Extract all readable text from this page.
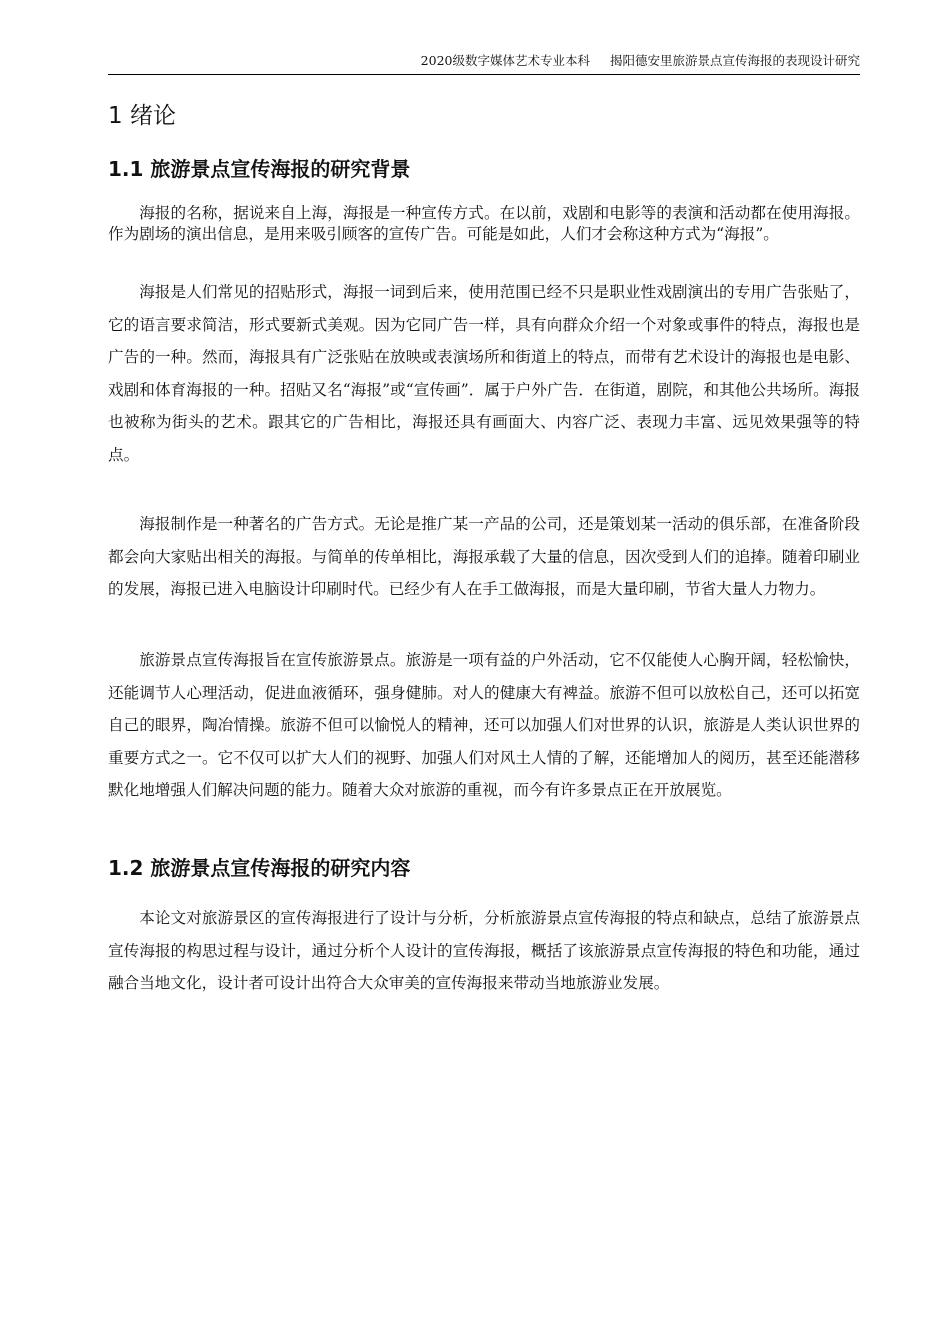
2020级数字媒体艺术专业本科 揭阳德安里旅游景点宣传海报的表现设计研究
1 绪论
1.1 旅游景点宣传海报的研究背景

海报的名称，据说来自上海，海报是一种宣传方式。在以前，戏剧和电影等的表演和活动都在使用海报。作为剧场的演出信息，是用来吸引顾客的宣传广告。可能是如此，人们才会称这种方式为“海报”。

海报是人们常见的招贴形式，海报一词到后来，使用范围已经不只是职业性戏剧演出的专用广告张贴了，它的语言要求简洁，形式要新式美观。因为它同广告一样，具有向群众介绍一个对象或事件的特点，海报也是广告的一种。然而，海报具有广泛张贴在放映或表演场所和街道上的特点，而带有艺术设计的海报也是电影、戏剧和体育海报的一种。招贴又名“海报”或“宣传画”．属于户外广告．在街道，剧院，和其他公共场所。海报也被称为街头的艺术。跟其它的广告相比，海报还具有画面大、内容广泛、表现力丰富、远见效果强等的特点。

海报制作是一种著名的广告方式。无论是推广某一产品的公司，还是策划某一活动的俱乐部，在准备阶段都会向大家贴出相关的海报。与简单的传单相比，海报承载了大量的信息，因次受到人们的追捧。随着印刷业的发展，海报已进入电脑设计印刷时代。已经少有人在手工做海报，而是大量印刷，节省大量人力物力。

旅游景点宣传海报旨在宣传旅游景点。旅游是一项有益的户外活动，它不仅能使人心胸开阔，轻松愉快，还能调节人心理活动，促进血液循环，强身健肺。对人的健康大有裨益。旅游不但可以放松自己，还可以拓宽自己的眼界，陶冶情操。旅游不但可以愉悦人的精神，还可以加强人们对世界的认识，旅游是人类认识世界的重要方式之一。它不仅可以扩大人们的视野、加强人们对风土人情的了解，还能增加人的阅历，甚至还能潜移默化地增强人们解决问题的能力。随着大众对旅游的重视，而今有许多景点正在开放展览。

1.2 旅游景点宣传海报的研究内容

本论文对旅游景区的宣传海报进行了设计与分析，分析旅游景点宣传海报的特点和缺点，总结了旅游景点宣传海报的构思过程与设计，通过分析个人设计的宣传海报，概括了该旅游景点宣传海报的特色和功能，通过融合当地文化，设计者可设计出符合大众审美的宣传海报来带动当地旅游业发展。
